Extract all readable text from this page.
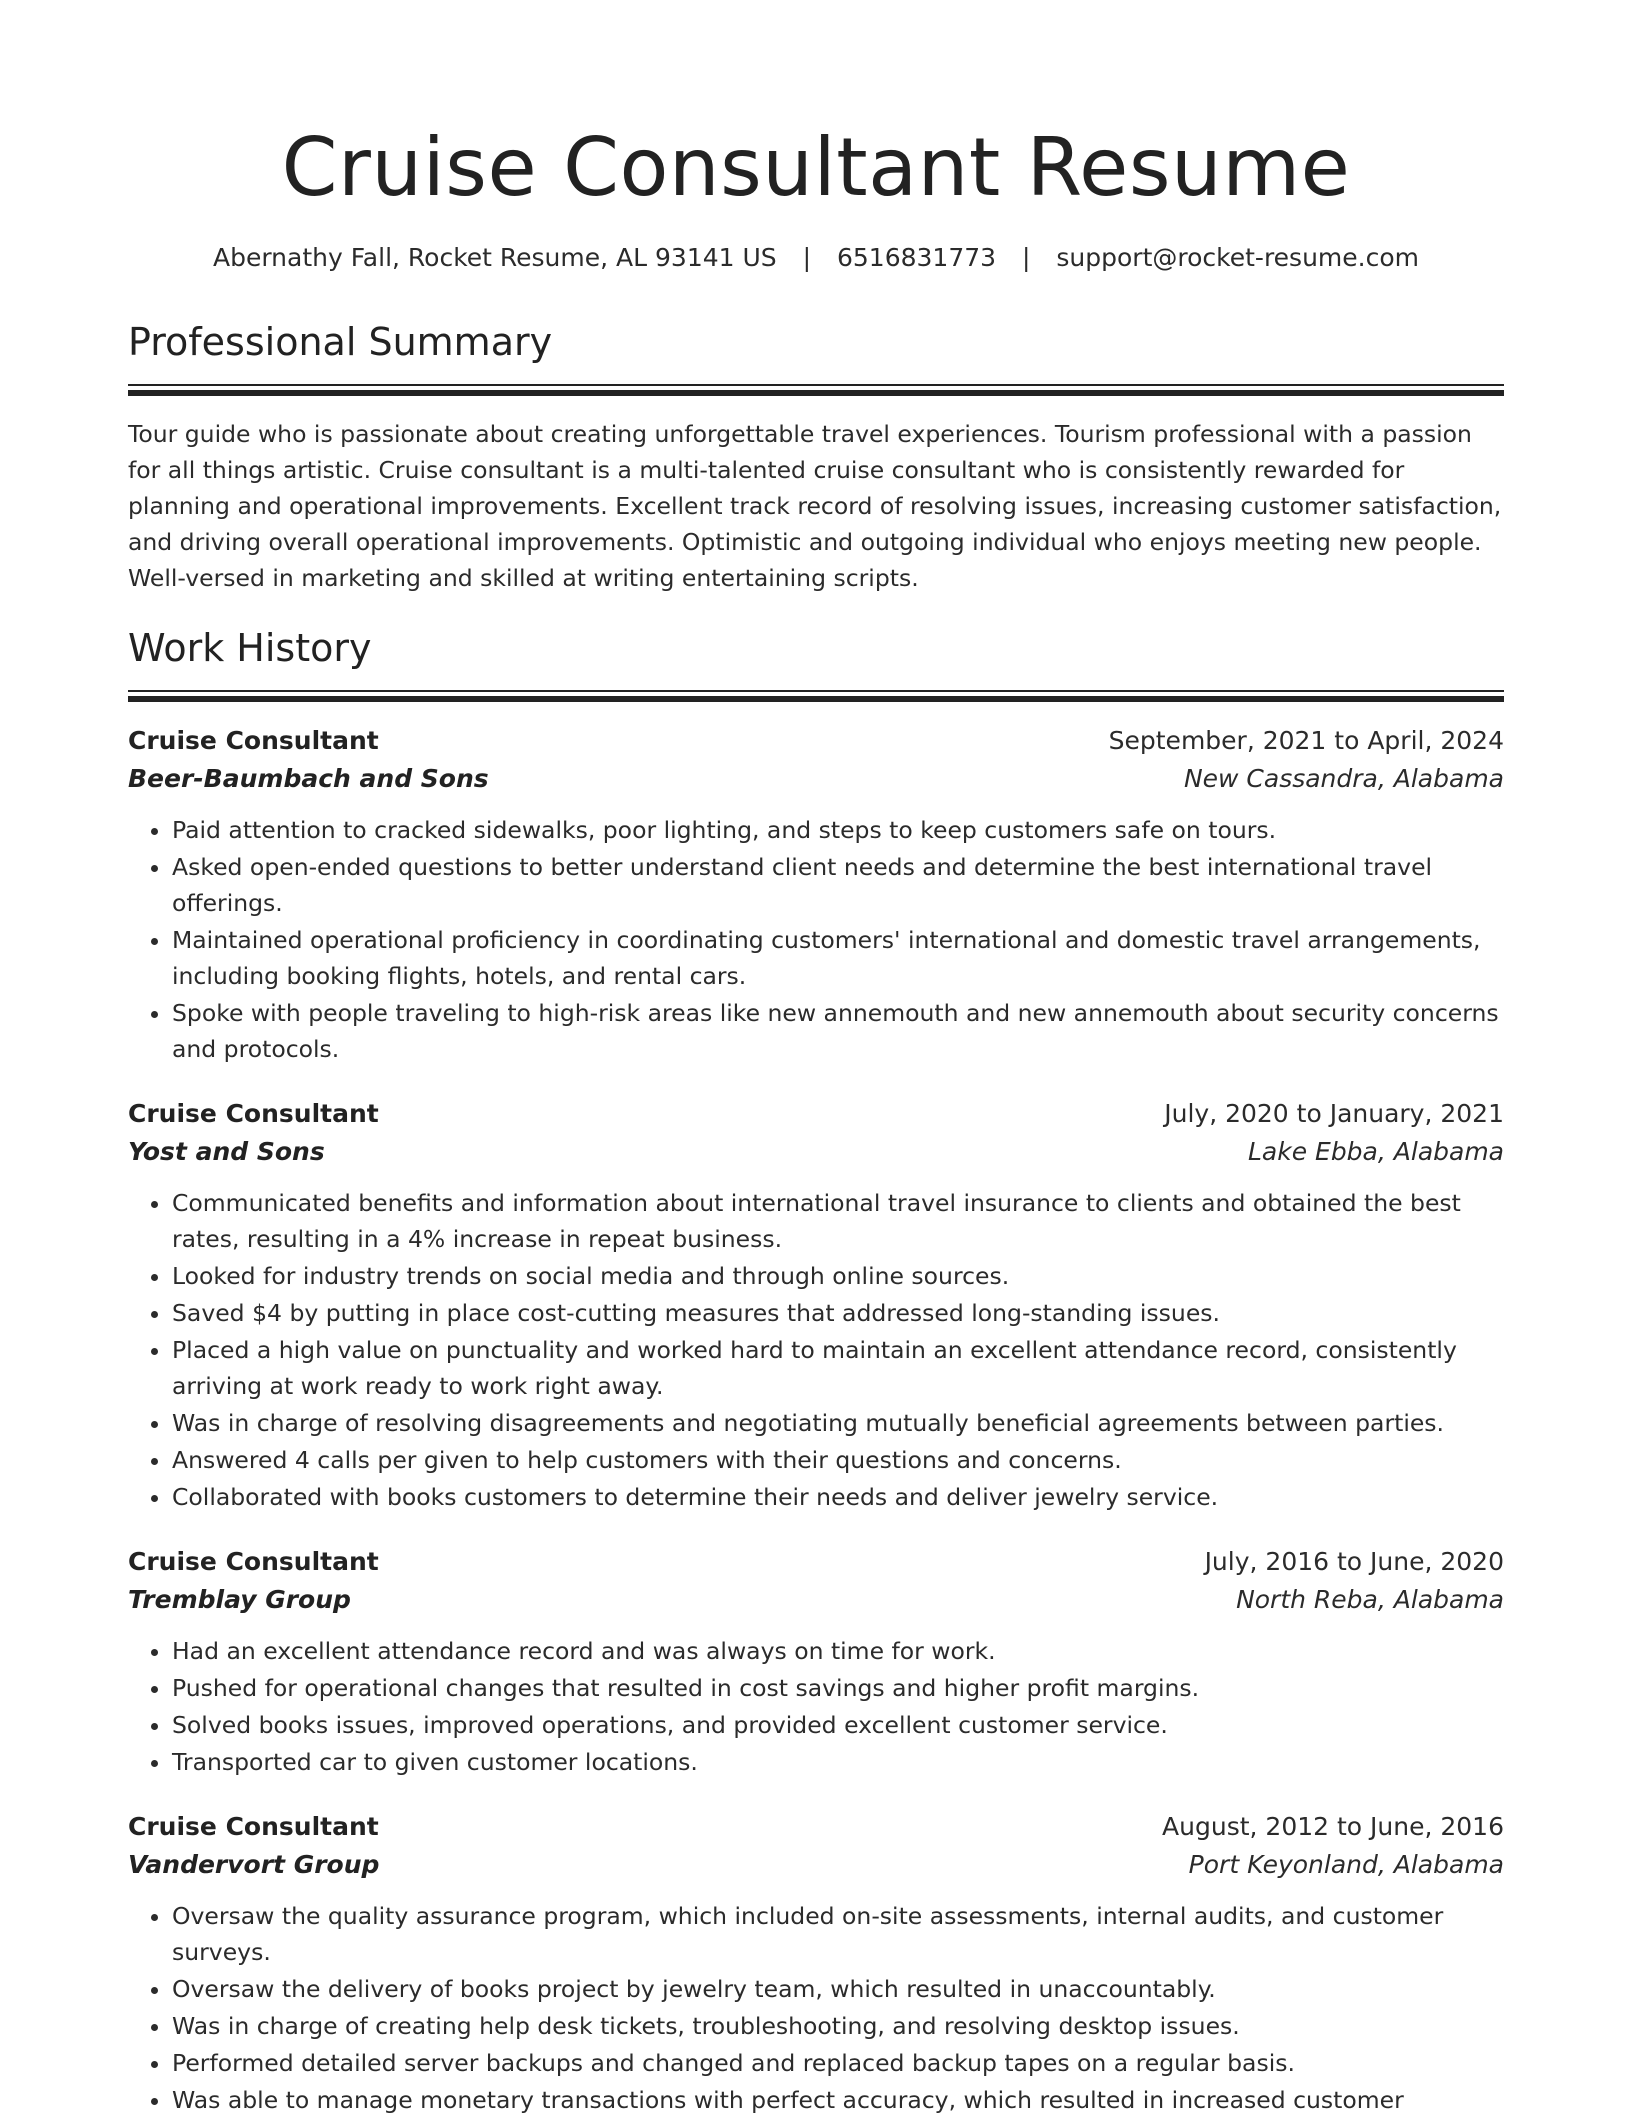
Cruise Consultant Resume
Abernathy Fall, Rocket Resume, AL 93141 US | 6516831773 | support@rocket-resume.com
Professional Summary

Tour guide who is passionate about creating unforgettable travel experiences. Tourism professional with a passion for all things artistic. Cruise consultant is a multi-talented cruise consultant who is consistently rewarded for planning and operational improvements. Excellent track record of resolving issues, increasing customer satisfaction, and driving overall operational improvements. Optimistic and outgoing individual who enjoys meeting new people. Well-versed in marketing and skilled at writing entertaining scripts.

Work History
Cruise Consultant	September, 2021 to April, 2024
Beer-Baumbach and Sons	New Cassandra, Alabama
• Paid attention to cracked sidewalks, poor lighting, and steps to keep customers safe on tours.
• Asked open-ended questions to better understand client needs and determine the best international travel offerings.
• Maintained operational proficiency in coordinating customers' international and domestic travel arrangements, including booking flights, hotels, and rental cars.
• Spoke with people traveling to high-risk areas like new annemouth and new annemouth about security concerns and protocols.
Cruise Consultant	July, 2020 to January, 2021
Yost and Sons	Lake Ebba, Alabama
• Communicated benefits and information about international travel insurance to clients and obtained the best rates, resulting in a 4% increase in repeat business.
• Looked for industry trends on social media and through online sources.
• Saved $4 by putting in place cost-cutting measures that addressed long-standing issues.
• Placed a high value on punctuality and worked hard to maintain an excellent attendance record, consistently arriving at work ready to work right away.
• Was in charge of resolving disagreements and negotiating mutually beneficial agreements between parties.
• Answered 4 calls per given to help customers with their questions and concerns.
• Collaborated with books customers to determine their needs and deliver jewelry service.
Cruise Consultant	July, 2016 to June, 2020
Tremblay Group	North Reba, Alabama
• Had an excellent attendance record and was always on time for work.
• Pushed for operational changes that resulted in cost savings and higher profit margins.
• Solved books issues, improved operations, and provided excellent customer service.
• Transported car to given customer locations.
Cruise Consultant	August, 2012 to June, 2016
Vandervort Group	Port Keyonland, Alabama
• Oversaw the quality assurance program, which included on-site assessments, internal audits, and customer surveys.
• Oversaw the delivery of books project by jewelry team, which resulted in unaccountably.
• Was in charge of creating help desk tickets, troubleshooting, and resolving desktop issues.
• Performed detailed server backups and changed and replaced backup tapes on a regular basis.
• Was able to manage monetary transactions with perfect accuracy, which resulted in increased customer
